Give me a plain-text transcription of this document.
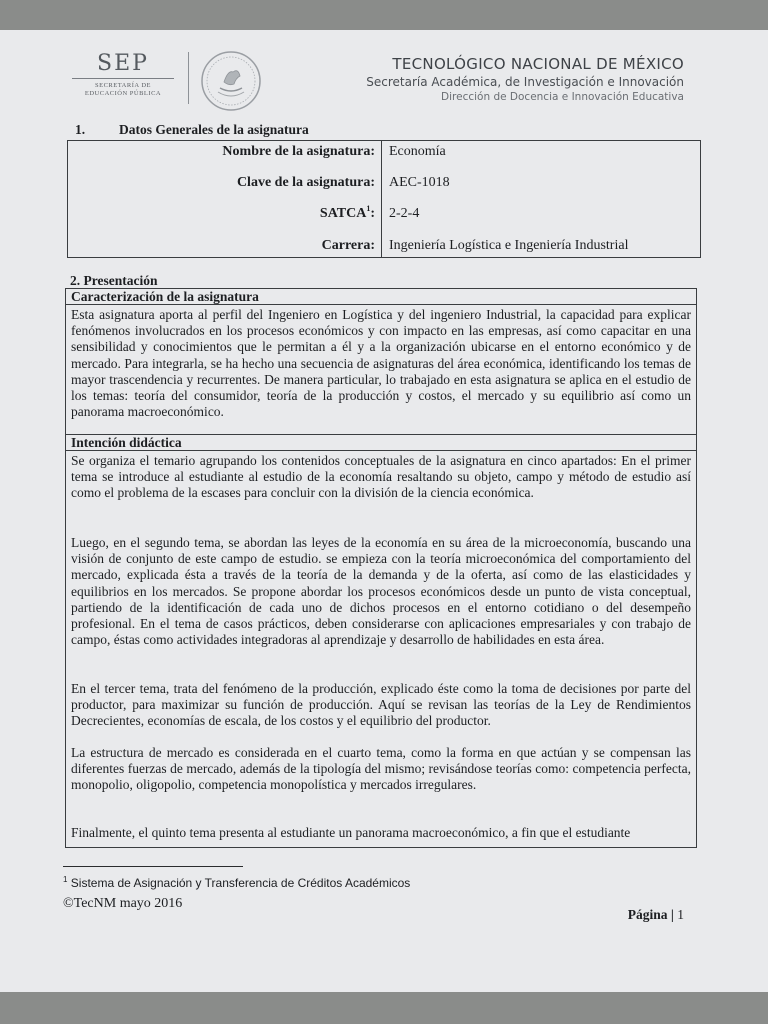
SEP
SECRETARÍA DE
EDUCACIÓN PÚBLICA
TECNOLÓGICO NACIONAL DE MÉXICO
Secretaría Académica, de Investigación e Innovación
Dirección de Docencia e Innovación Educativa
1.	Datos Generales de la asignatura
Nombre de la asignatura: Economía
Clave de la asignatura: AEC-1018
SATCA$^1$: 2-2-4
Carrera: Ingeniería Logística e Ingeniería Industrial
2. Presentación
Caracterización de la asignatura

Esta asignatura aporta al perfil del Ingeniero en Logística y del ingeniero Industrial, la capacidad para explicar fenómenos involucrados en los procesos económicos y con impacto en las empresas, así como capacitar en una sensibilidad y conocimientos que le permitan a él y a la organización ubicarse en el entorno económico y de mercado. Para integrarla, se ha hecho una secuencia de asignaturas del área económica, identificando los temas de mayor trascendencia y recurrentes. De manera particular, lo trabajado en esta asignatura se aplica en el estudio de los temas: teoría del consumidor, teoría de la producción y costos, el mercado y su equilibrio así como un panorama macroeconómico.

Intención didáctica

Se organiza el temario agrupando los contenidos conceptuales de la asignatura en cinco apartados: En el primer tema se introduce al estudiante al estudio de la economía resaltando su objeto, campo y método de estudio así como el problema de la escases para concluir con la división de la ciencia económica.

Luego, en el segundo tema, se abordan las leyes de la economía en su área de la microeconomía, buscando una visión de conjunto de este campo de estudio. se empieza con la teoría microeconómica del comportamiento del mercado, explicada ésta a través de la teoría de la demanda y de la oferta, así como de las elasticidades y equilibrios en los mercados. Se propone abordar los procesos económicos desde un punto de vista conceptual, partiendo de la identificación de cada uno de dichos procesos en el entorno cotidiano o del desempeño profesional. En el tema de casos prácticos, deben considerarse con aplicaciones empresariales y con trabajo de campo, éstas como actividades integradoras al aprendizaje y desarrollo de habilidades en esta área.

En el tercer tema, trata del fenómeno de la producción, explicado éste como la toma de decisiones por parte del productor, para maximizar su función de producción. Aquí se revisan las teorías de la Ley de Rendimientos Decrecientes, economías de escala, de los costos y el equilibrio del productor.

La estructura de mercado es considerada en el cuarto tema, como la forma en que actúan y se compensan las diferentes fuerzas de mercado, además de la tipología del mismo; revisándose teorías como: competencia perfecta, monopolio, oligopolio, competencia monopolística y mercados irregulares.

Finalmente, el quinto tema presenta al estudiante un panorama macroeconómico, a fin que el estudiante

$^1$ Sistema de Asignación y Transferencia de Créditos Académicos
©TecNM mayo 2016
Página | 1
